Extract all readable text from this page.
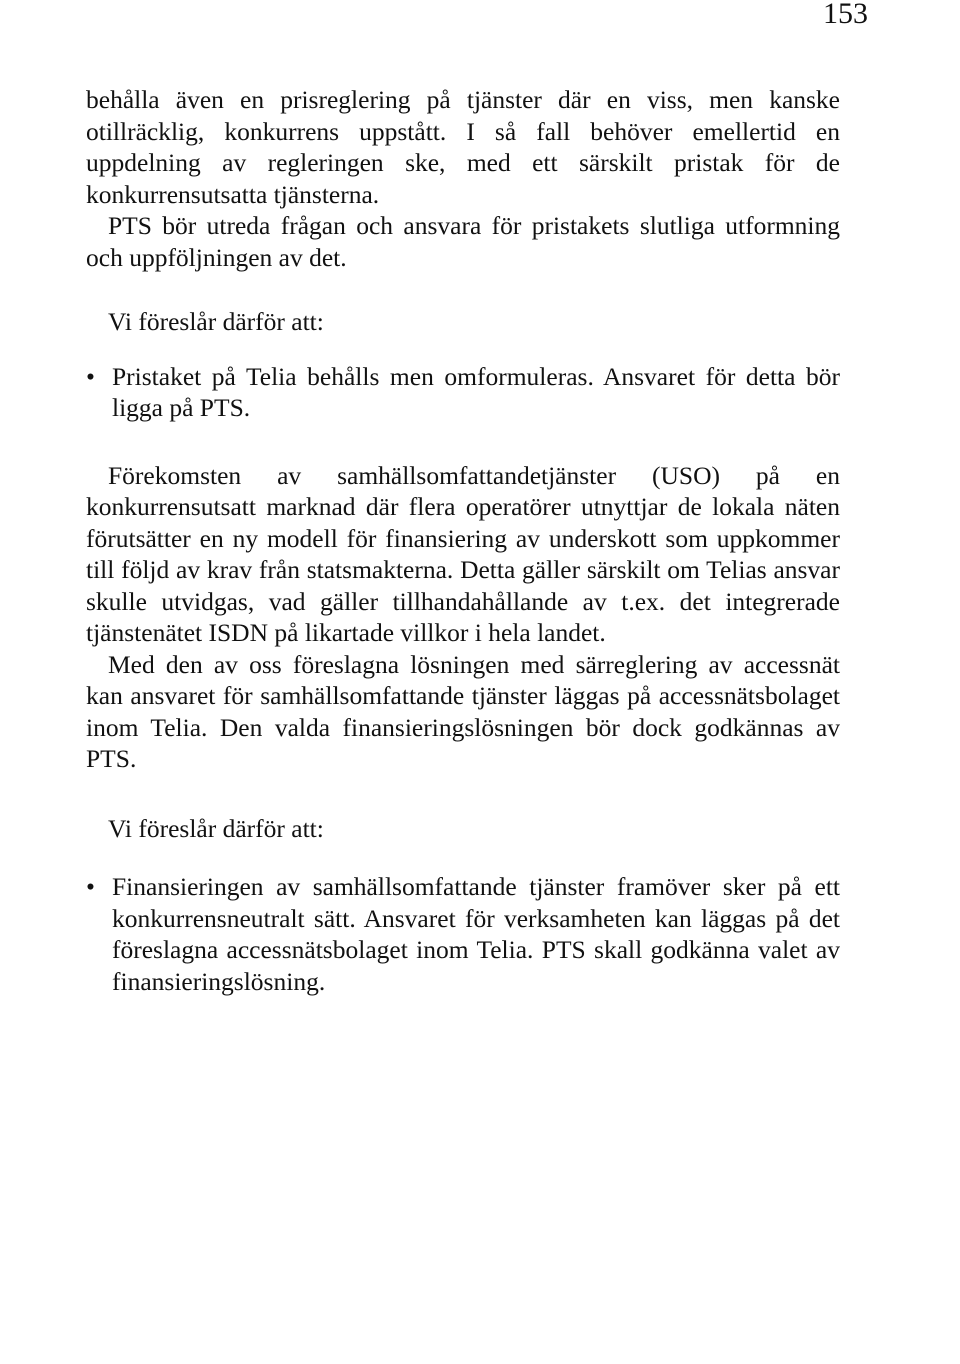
153

behålla även en prisreglering på tjänster där en viss, men kanske otillräcklig, konkurrens uppstått. I så fall behöver emellertid en uppdelning av regleringen ske, med ett särskilt pristak för de konkurrensutsatta tjänsterna.

PTS bör utreda frågan och ansvara för pristakets slutliga utformning och uppföljningen av det.

Vi föreslår därför att:

• Pristaket på Telia behålls men omformuleras. Ansvaret för detta bör ligga på PTS.

Förekomsten av samhällsomfattandetjänster (USO) på en konkurrensutsatt marknad där flera operatörer utnyttjar de lokala näten förutsätter en ny modell för finansiering av underskott som uppkommer till följd av krav från statsmakterna. Detta gäller särskilt om Telias ansvar skulle utvidgas, vad gäller tillhandahållande av t.ex. det integrerade tjänstenätet ISDN på likartade villkor i hela landet.

Med den av oss föreslagna lösningen med särreglering av accessnät kan ansvaret för samhällsomfattande tjänster läggas på accessnätsbolaget inom Telia. Den valda finansieringslösningen bör dock godkännas av PTS.

Vi föreslår därför att:

• Finansieringen av samhällsomfattande tjänster framöver sker på ett konkurrensneutralt sätt. Ansvaret för verksamheten kan läggas på det föreslagna accessnätsbolaget inom Telia. PTS skall godkänna valet av finansieringslösning.
